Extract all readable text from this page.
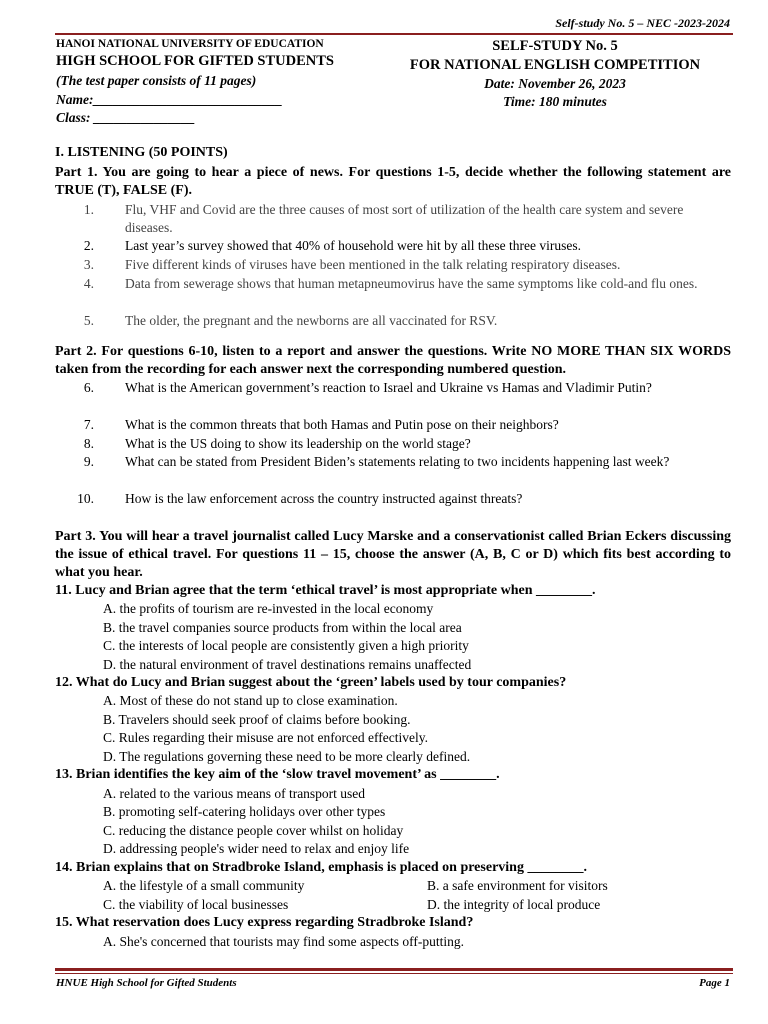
Self-study No. 5 – NEC -2023-2024
HANOI NATIONAL UNIVERSITY OF EDUCATION
HIGH SCHOOL FOR GIFTED STUDENTS
(The test paper consists of 11 pages)
Name:____________________________
Class: _______________
SELF-STUDY No. 5
FOR NATIONAL ENGLISH COMPETITION
Date: November 26, 2023
Time: 180 minutes
I. LISTENING (50 POINTS)
Part 1. You are going to hear a piece of news. For questions 1-5, decide whether the following statement are TRUE (T), FALSE (F).
1. Flu, VHF and Covid are the three causes of most sort of utilization of the health care system and severe diseases.
2. Last year’s survey showed that 40% of household were hit by all these three viruses.
3. Five different kinds of viruses have been mentioned in the talk relating respiratory diseases.
4. Data from sewerage shows that human metapneumovirus have the same symptoms like cold-and flu ones.
5. The older, the pregnant and the newborns are all vaccinated for RSV.
Part 2. For questions 6-10, listen to a report and answer the questions. Write NO MORE THAN SIX WORDS taken from the recording for each answer next the corresponding numbered question.
6. What is the American government’s reaction to Israel and Ukraine vs Hamas and Vladimir Putin?
7. What is the common threats that both Hamas and Putin pose on their neighbors?
8. What is the US doing to show its leadership on the world stage?
9. What can be stated from President Biden’s statements relating to two incidents happening last week?
10. How is the law enforcement across the country instructed against threats?
Part 3. You will hear a travel journalist called Lucy Marske and a conservationist called Brian Eckers discussing the issue of ethical travel. For questions 11 – 15, choose the answer (A, B, C or D) which fits best according to what you hear.
11. Lucy and Brian agree that the term ‘ethical travel’ is most appropriate when ________.
A. the profits of tourism are re-invested in the local economy
B. the travel companies source products from within the local area
C. the interests of local people are consistently given a high priority
D. the natural environment of travel destinations remains unaffected
12. What do Lucy and Brian suggest about the ‘green’ labels used by tour companies?
A. Most of these do not stand up to close examination.
B. Travelers should seek proof of claims before booking.
C. Rules regarding their misuse are not enforced effectively.
D. The regulations governing these need to be more clearly defined.
13. Brian identifies the key aim of the ‘slow travel movement’ as ________.
A. related to the various means of transport used
B. promoting self-catering holidays over other types
C. reducing the distance people cover whilst on holiday
D. addressing people's wider need to relax and enjoy life
14. Brian explains that on Stradbroke Island, emphasis is placed on preserving ________.
A. the lifestyle of a small community	B. a safe environment for visitors
C. the viability of local businesses	D. the integrity of local produce
15. What reservation does Lucy express regarding Stradbroke Island?
A. She's concerned that tourists may find some aspects off-putting.
HNUE High School for Gifted Students	Page 1
